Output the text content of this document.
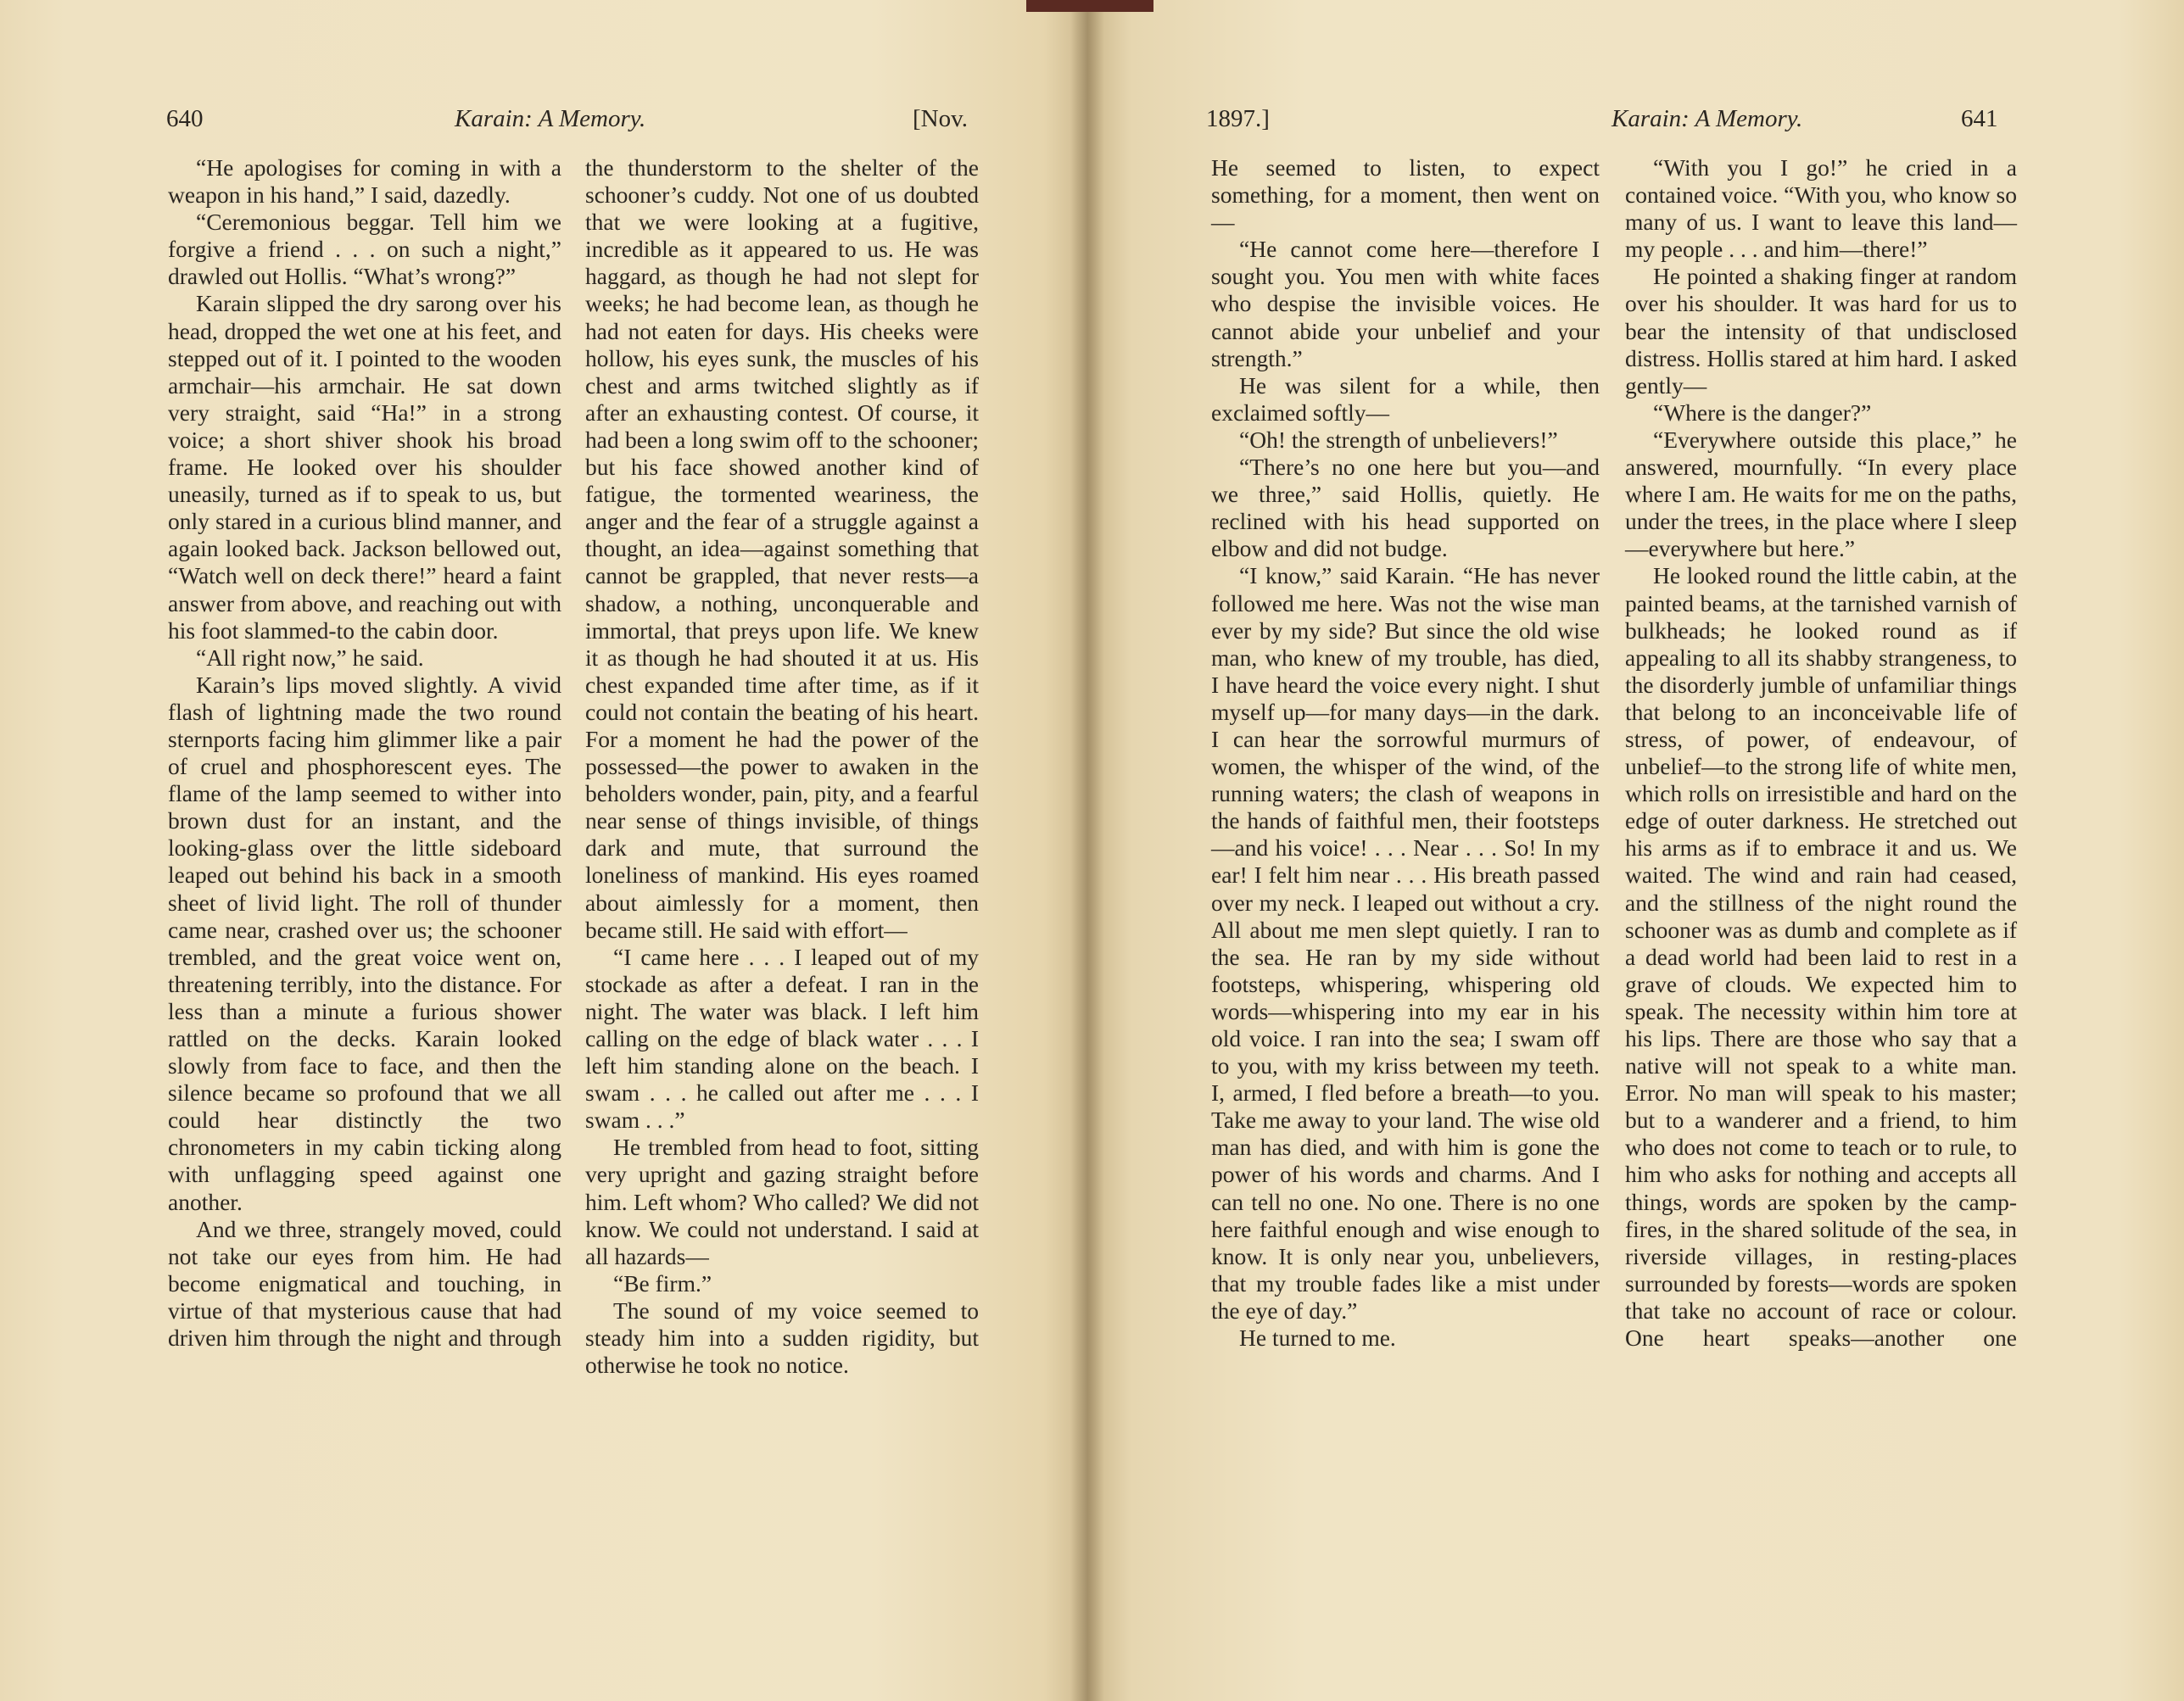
640	Karain: A Memory.	[Nov.

“He apologises for coming in with a weapon in his hand,” I said, dazedly.

“Ceremonious beggar. Tell him we forgive a friend . . . on such a night,” drawled out Hollis. “What’s wrong?”

Karain slipped the dry sarong over his head, dropped the wet one at his feet, and stepped out of it. I pointed to the wooden armchair—his armchair. He sat down very straight, said “Ha!” in a strong voice; a short shiver shook his broad frame. He looked over his shoulder uneasily, turned as if to speak to us, but only stared in a curious blind manner, and again looked back. Jackson bellowed out, “Watch well on deck there!” heard a faint answer from above, and reaching out with his foot slammed-to the cabin door.

“All right now,” he said.

Karain’s lips moved slightly. A vivid flash of lightning made the two round sternports facing him glimmer like a pair of cruel and phosphorescent eyes. The flame of the lamp seemed to wither into brown dust for an instant, and the looking-glass over the little sideboard leaped out behind his back in a smooth sheet of livid light. The roll of thunder came near, crashed over us; the schooner trembled, and the great voice went on, threatening terribly, into the distance. For less than a minute a furious shower rattled on the decks. Karain looked slowly from face to face, and then the silence became so profound that we all could hear distinctly the two chronometers in my cabin ticking along with unflagging speed against one another.

And we three, strangely moved, could not take our eyes from him. He had become enigmatical and touching, in virtue of that mysterious cause that had driven him through the night and through

the thunderstorm to the shelter of the schooner’s cuddy. Not one of us doubted that we were looking at a fugitive, incredible as it appeared to us. He was haggard, as though he had not slept for weeks; he had become lean, as though he had not eaten for days. His cheeks were hollow, his eyes sunk, the muscles of his chest and arms twitched slightly as if after an exhausting contest. Of course, it had been a long swim off to the schooner; but his face showed another kind of fatigue, the tormented weariness, the anger and the fear of a struggle against a thought, an idea—against something that cannot be grappled, that never rests—a shadow, a nothing, unconquerable and immortal, that preys upon life. We knew it as though he had shouted it at us. His chest expanded time after time, as if it could not contain the beating of his heart. For a moment he had the power of the possessed—the power to awaken in the beholders wonder, pain, pity, and a fearful near sense of things invisible, of things dark and mute, that surround the loneliness of mankind. His eyes roamed about aimlessly for a moment, then became still. He said with effort—

“I came here . . . I leaped out of my stockade as after a defeat. I ran in the night. The water was black. I left him calling on the edge of black water . . . I left him standing alone on the beach. I swam . . . he called out after me . . . I swam . . .”

He trembled from head to foot, sitting very upright and gazing straight before him. Left whom? Who called? We did not know. We could not understand. I said at all hazards—

“Be firm.”

The sound of my voice seemed to steady him into a sudden rigidity, but otherwise he took no notice.

1897.]	Karain: A Memory.	641

He seemed to listen, to expect something, for a moment, then went on—

“He cannot come here—therefore I sought you. You men with white faces who despise the invisible voices. He cannot abide your unbelief and your strength.”

He was silent for a while, then exclaimed softly—

“Oh! the strength of unbelievers!”

“There’s no one here but you—and we three,” said Hollis, quietly. He reclined with his head supported on elbow and did not budge.

“I know,” said Karain. “He has never followed me here. Was not the wise man ever by my side? But since the old wise man, who knew of my trouble, has died, I have heard the voice every night. I shut myself up—for many days—in the dark. I can hear the sorrowful murmurs of women, the whisper of the wind, of the running waters; the clash of weapons in the hands of faithful men, their footsteps—and his voice! . . . Near . . . So! In my ear! I felt him near . . . His breath passed over my neck. I leaped out without a cry. All about me men slept quietly. I ran to the sea. He ran by my side without footsteps, whispering, whispering old words—whispering into my ear in his old voice. I ran into the sea; I swam off to you, with my kriss between my teeth. I, armed, I fled before a breath—to you. Take me away to your land. The wise old man has died, and with him is gone the power of his words and charms. And I can tell no one. No one. There is no one here faithful enough and wise enough to know. It is only near you, unbelievers, that my trouble fades like a mist under the eye of day.”

He turned to me.

“With you I go!” he cried in a contained voice. “With you, who know so many of us. I want to leave this land—my people . . . and him—there!”

He pointed a shaking finger at random over his shoulder. It was hard for us to bear the intensity of that undisclosed distress. Hollis stared at him hard. I asked gently—

“Where is the danger?”

“Everywhere outside this place,” he answered, mournfully. “In every place where I am. He waits for me on the paths, under the trees, in the place where I sleep—everywhere but here.”

He looked round the little cabin, at the painted beams, at the tarnished varnish of bulkheads; he looked round as if appealing to all its shabby strangeness, to the disorderly jumble of unfamiliar things that belong to an inconceivable life of stress, of power, of endeavour, of unbelief—to the strong life of white men, which rolls on irresistible and hard on the edge of outer darkness. He stretched out his arms as if to embrace it and us. We waited. The wind and rain had ceased, and the stillness of the night round the schooner was as dumb and complete as if a dead world had been laid to rest in a grave of clouds. We expected him to speak. The necessity within him tore at his lips. There are those who say that a native will not speak to a white man. Error. No man will speak to his master; but to a wanderer and a friend, to him who does not come to teach or to rule, to him who asks for nothing and accepts all things, words are spoken by the camp-fires, in the shared solitude of the sea, in riverside villages, in resting-places surrounded by forests—words are spoken that take no account of race or colour. One heart speaks—another one
